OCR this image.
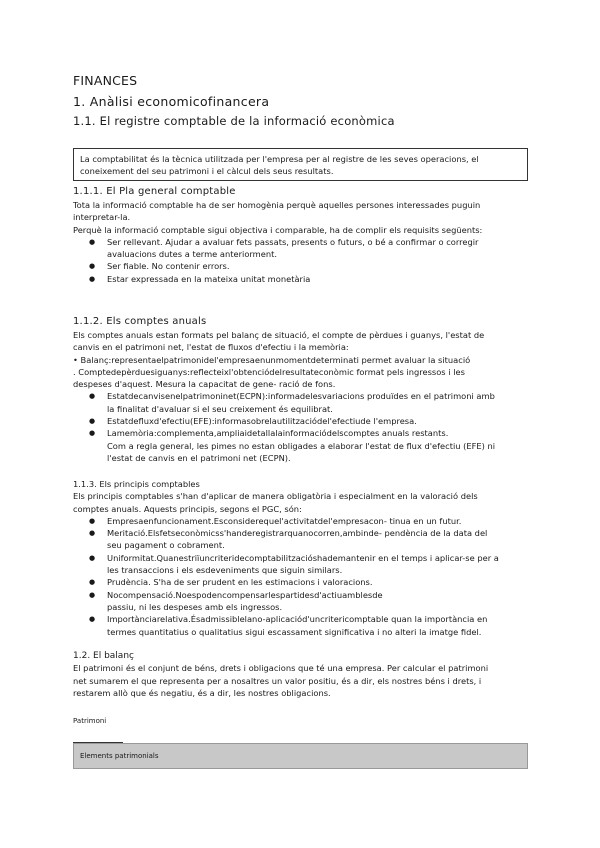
FINANCES
1. Anàlisi economicofinancera
1.1. El registre comptable de la informació econòmica
La comptabilitat és la tècnica utilitzada per l'empresa per al registre de les seves operacions, el
coneixement del seu patrimoni i el càlcul dels seus resultats.
1.1.1. El Pla general comptable
Tota la informació comptable ha de ser homogènia perquè aquelles persones interessades puguin
interpretar-la.
Perquè la informació comptable sigui objectiva i comparable, ha de complir els requisits següents:
● Ser rellevant. Ajudar a avaluar fets passats, presents o futurs, o bé a confirmar o corregir
avaluacions dutes a terme anteriorment.
● Ser fiable. No contenir errors.
● Estar expressada en la mateixa unitat monetària
1.1.2. Els comptes anuals
Els comptes anuals estan formats pel balanç de situació, el compte de pèrdues i guanys, l'estat de
canvis en el patrimoni net, l'estat de fluxos d'efectiu i la memòria:
• Balanç:representaelpatrimonidel'empresaenunmomentdeterminati permet avaluar la situació
. Comptedepèrduesiguanys:reflecteixl'obtenciódelresultateconòmic format pels ingressos i les
despeses d'aquest. Mesura la capacitat de gene- ració de fons.
● Estatdecanvisenelpatrimoninet(ECPN):informadelesvariacions produïdes en el patrimoni amb
la finalitat d'avaluar si el seu creixement és equilibrat.
● Estatdefluxd'efectiu(EFE):informasobrelautilitzaciódel'efectiude l'empresa.
● Lamemòria:complementa,ampliaidetallalainformaciódelscomptes anuals restants.
Com a regla general, les pimes no estan obligades a elaborar l'estat de flux d'efectiu (EFE) ni
l'estat de canvis en el patrimoni net (ECPN).
1.1.3. Els principis comptables
Els principis comptables s'han d'aplicar de manera obligatòria i especialment en la valoració dels
comptes anuals. Aquests principis, segons el PGC, són:
● Empresaenfuncionament.Esconsiderequel'activitatdel'empresacon- tinua en un futur.
● Meritació.Elsfetseconòmicss'handeregistrarquanocorren,ambinde- pendència de la data del
seu pagament o cobrament.
● Uniformitat.Quanestriïuncriteridecomptabilitzacióshademantenir en el temps i aplicar-se per a
les transaccions i els esdeveniments que siguin similars.
● Prudència. S'ha de ser prudent en les estimacions i valoracions.
● Nocompensació.Noespodencompensarlespartidesd'actiuamblesde
passiu, ni les despeses amb els ingressos.
● Importànciarelativa.Ésadmissiblelano-aplicaciód'uncriteri​comptable quan la importància en
termes quantitatius o qualitatius sigui escassament significativa i no alteri la imatge fidel.
1.2. El balanç
El patrimoni és el conjunt de béns, drets i obligacions que té una empresa. Per calcular el patrimoni
net sumarem el que representa per a nosaltres un valor positiu, és a dir, els nostres béns i drets, i
restarem allò que és negatiu, és a dir, les nostres obligacions.
Patrimoni
Elements patrimonials
